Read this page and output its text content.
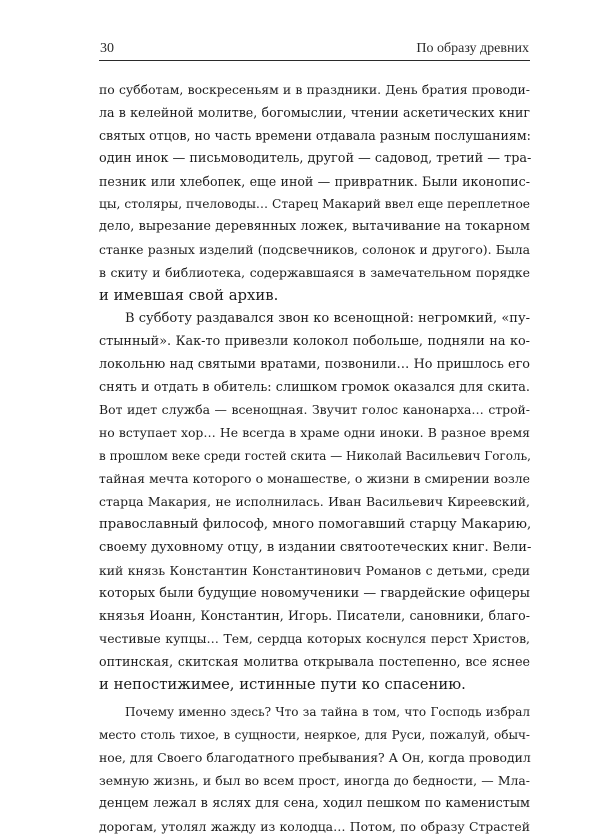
30	По образу древних
по субботам, воскресеньям и в праздники. День братия проводи-
ла в келейной молитве, богомыслии, чтении аскетических книг
святых отцов, но часть времени отдавала разным послушаниям:
один инок — письмоводитель, другой — садовод, третий — тра-
пезник или хлебопек, еще иной — привратник. Были иконопис-
цы, столяры, пчеловоды… Старец Макарий ввел еще переплетное
дело, вырезание деревянных ложек, вытачивание на токарном
станке разных изделий (подсвечников, солонок и другого). Была
в скиту и библиотека, содержавшаяся в замечательном порядке
и имевшая свой архив.
В субботу раздавался звон ко всенощной: негромкий, «пу-
стынный». Как-то привезли колокол побольше, подняли на ко-
локольню над святыми вратами, позвонили… Но пришлось его
снять и отдать в обитель: слишком громок оказался для скита.
Вот идет служба — всенощная. Звучит голос канонарха… строй-
но вступает хор… Не всегда в храме одни иноки. В разное время
в прошлом веке среди гостей скита — Николай Васильевич Гоголь,
тайная мечта которого о монашестве, о жизни в смирении возле
старца Макария, не исполнилась. Иван Васильевич Киреевский,
православный философ, много помогавший старцу Макарию,
своему духовному отцу, в издании святоотеческих книг. Вели-
кий князь Константин Константинович Романов с детьми, среди
которых были будущие новомученики — гвардейские офицеры
князья Иоанн, Константин, Игорь. Писатели, сановники, благо-
честивые купцы… Тем, сердца которых коснулся перст Христов,
оптинская, скитская молитва открывала постепенно, все яснее
и непостижимее, истинные пути ко спасению.
Почему именно здесь? Что за тайна в том, что Господь избрал
место столь тихое, в сущности, неяркое, для Руси, пожалуй, обыч-
ное, для Своего благодатного пребывания? А Он, когда проводил
земную жизнь, и был во всем прост, иногда до бедности, — Мла-
денцем лежал в яслях для сена, ходил пешком по каменистым
дорогам, утолял жажду из колодца… Потом, по образу Страстей
